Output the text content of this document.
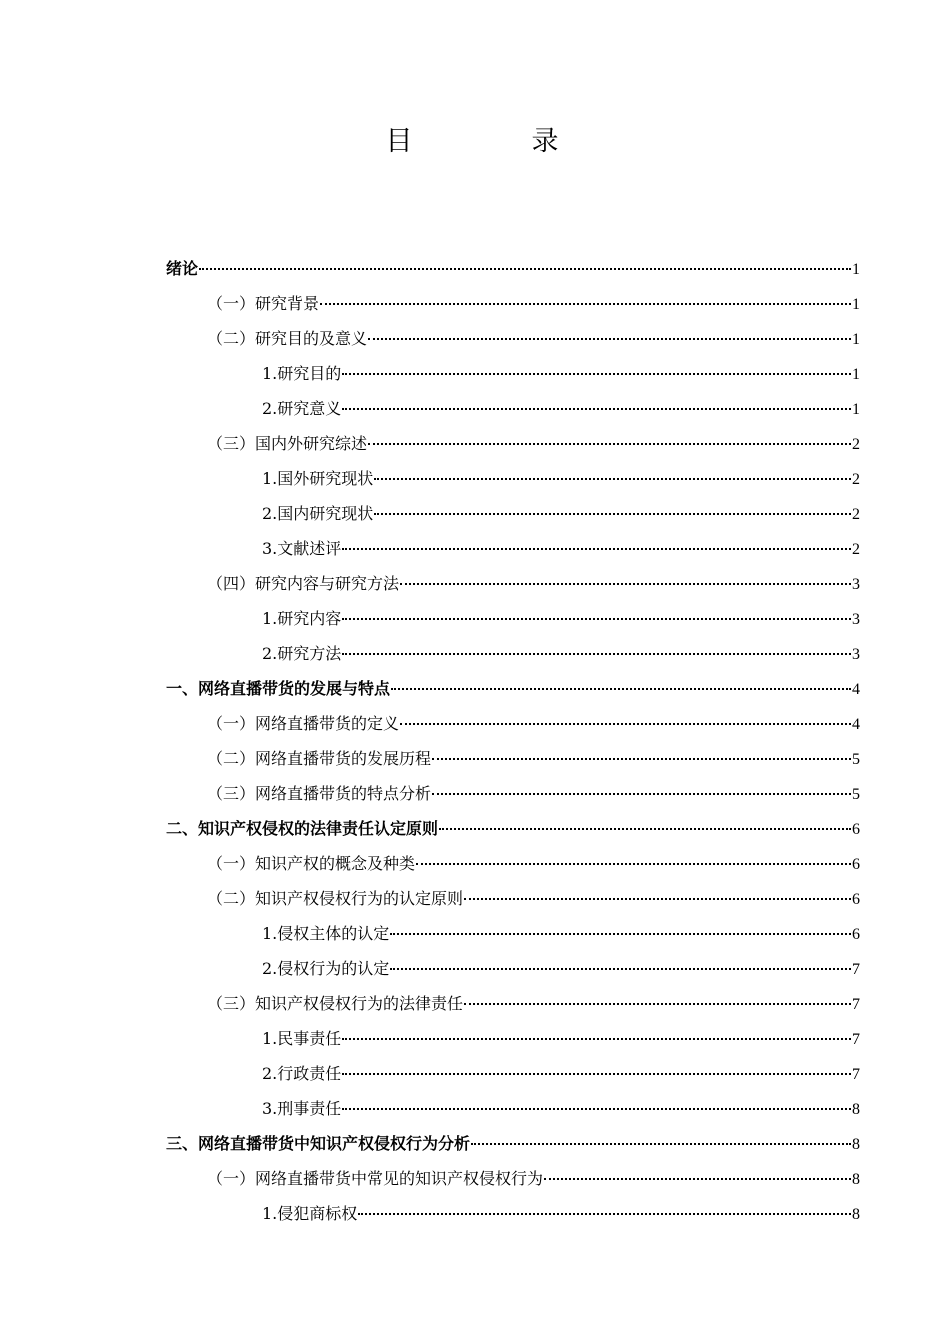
目　录
绪论	1
（一）研究背景	1
（二）研究目的及意义	1
1.研究目的	1
2.研究意义	1
（三）国内外研究综述	2
1.国外研究现状	2
2.国内研究现状	2
3.文献述评	2
（四）研究内容与研究方法	3
1.研究内容	3
2.研究方法	3
一、网络直播带货的发展与特点	4
（一）网络直播带货的定义	4
（二）网络直播带货的发展历程	5
（三）网络直播带货的特点分析	5
二、知识产权侵权的法律责任认定原则	6
（一）知识产权的概念及种类	6
（二）知识产权侵权行为的认定原则	6
1.侵权主体的认定	6
2.侵权行为的认定	7
（三）知识产权侵权行为的法律责任	7
1.民事责任	7
2.行政责任	7
3.刑事责任	8
三、网络直播带货中知识产权侵权行为分析	8
（一）网络直播带货中常见的知识产权侵权行为	8
1.侵犯商标权	8
